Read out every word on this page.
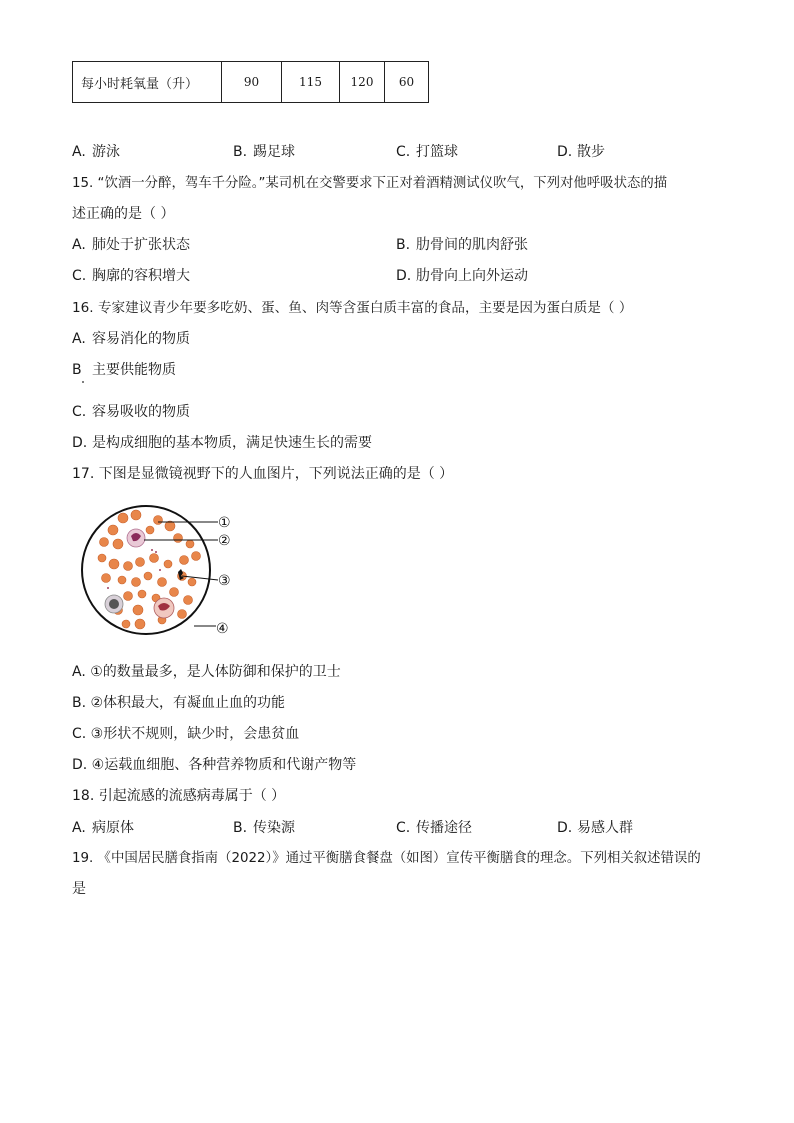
每小时耗氧量（升）	90	115	120	60
A. 游泳	B. 踢足球	C. 打篮球	D. 散步
15. “饮酒一分醉，驾车千分险。”某司机在交警要求下正对着酒精测试仪吹气，下列对他呼吸状态的描
述正确的是（ ）
A. 肺处于扩张状态	B. 肋骨间的肌肉舒张
C. 胸廓的容积增大	D. 肋骨向上向外运动
16. 专家建议青少年要多吃奶、蛋、鱼、肉等含蛋白质丰富的食品，主要是因为蛋白质是（ ）
A. 容易消化的物质
B 主要供能物质
C. 容易吸收的物质
D. 是构成细胞的基本物质，满足快速生长的需要
17. 下图是显微镜视野下的人血图片，下列说法正确的是（ ）
①
②
③
④
A. ①的数量最多，是人体防御和保护的卫士
B. ②体积最大，有凝血止血的功能
C. ③形状不规则，缺少时，会患贫血
D. ④运载血细胞、各种营养物质和代谢产物等
18. 引起流感的流感病毒属于（ ）
A. 病原体	B. 传染源	C. 传播途径	D. 易感人群
19. 《中国居民膳食指南（2022）》通过平衡膳食餐盘（如图）宣传平衡膳食的理念。下列相关叙述错误的
是
